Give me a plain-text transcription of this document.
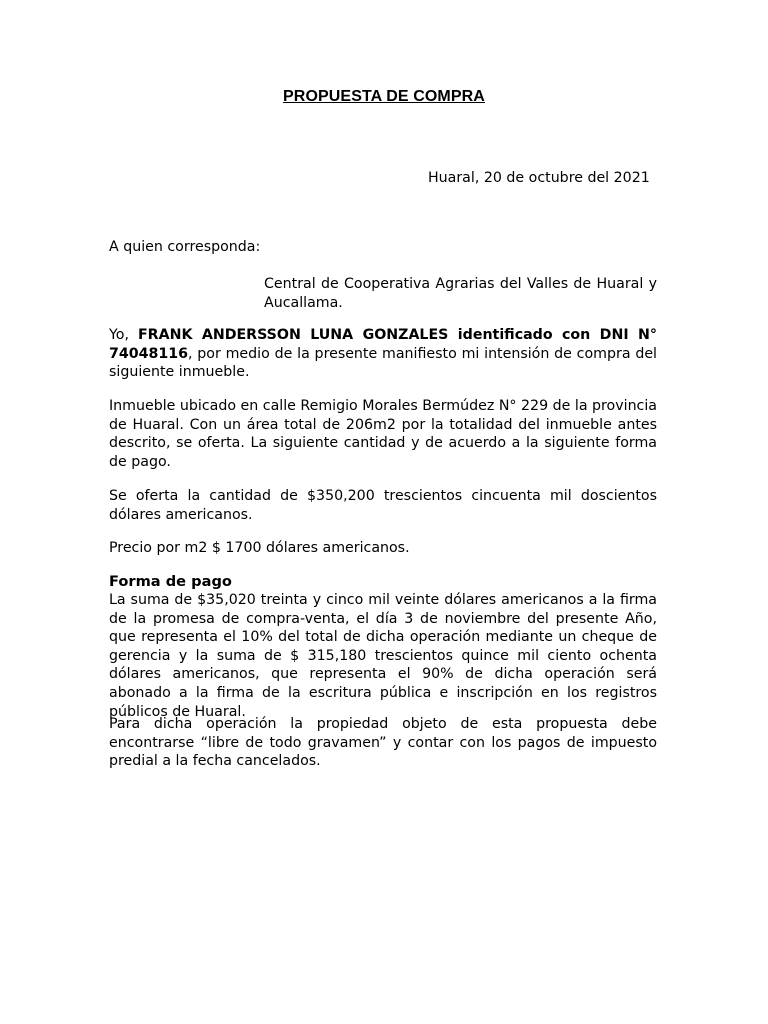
PROPUESTA DE COMPRA
Huaral, 20 de octubre del 2021

A quien corresponda:

Central de Cooperativa Agrarias del Valles de Huaral y Aucallama.

Yo, FRANK ANDERSSON LUNA GONZALES identificado con DNI N° 74048116, por medio de la presente manifiesto mi intensión de compra del siguiente inmueble.

Inmueble ubicado en calle Remigio Morales Bermúdez N° 229 de la provincia de Huaral. Con un área total de 206m2 por la totalidad del inmueble antes descrito, se oferta. La siguiente cantidad y de acuerdo a la siguiente forma de pago.

Se oferta la cantidad de $350,200 trescientos cincuenta mil doscientos dólares americanos.

Precio por m2 $ 1700 dólares americanos.

Forma de pago

La suma de $35,020 treinta y cinco mil veinte dólares americanos a la firma de la promesa de compra-venta, el día 3 de noviembre del presente Año, que representa el 10% del total de dicha operación mediante un cheque de gerencia y la suma de $ 315,180 trescientos quince mil ciento ochenta dólares americanos, que representa el 90% de dicha operación será abonado a la firma de la escritura pública e inscripción en los registros públicos de Huaral.

Para dicha operación la propiedad objeto de esta propuesta debe encontrarse “libre de todo gravamen” y contar con los pagos de impuesto predial a la fecha cancelados.
